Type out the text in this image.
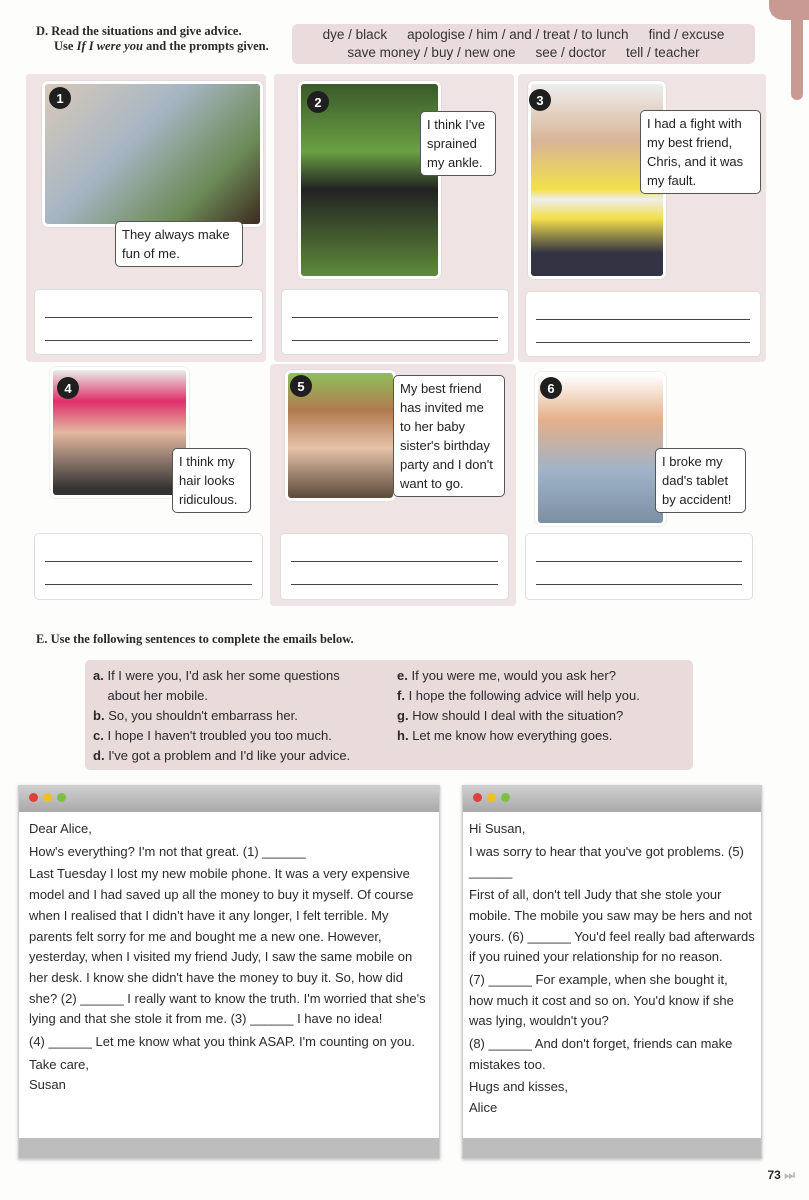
D. Read the situations and give advice.
Use If I were you and the prompts given.
dye / black apologise / him / and / treat / to lunch find / excuse
save money / buy / new one see / doctor tell / teacher
1	2	3
4	5	6
They always make fun of me.
I think I've sprained my ankle.
I had a fight with my best friend, Chris, and it was my fault.
I think my hair looks ridiculous.
My best friend has invited me to her baby sister's birthday party and I don't want to go.
I broke my dad's tablet by accident!
E. Use the following sentences to complete the emails below.
a. If I were you, I'd ask her some questions about her mobile.
b. So, you shouldn't embarrass her.
c. I hope I haven't troubled you too much.
d. I've got a problem and I'd like your advice.
e. If you were me, would you ask her?
f. I hope the following advice will help you.
g. How should I deal with the situation?
h. Let me know how everything goes.

Dear Alice,

How's everything? I'm not that great. (1) ______

Last Tuesday I lost my new mobile phone. It was a very expensive model and I had saved up all the money to buy it myself. Of course when I realised that I didn't have it any longer, I felt terrible. My parents felt sorry for me and bought me a new one. However, yesterday, when I visited my friend Judy, I saw the same mobile on her desk. I know she didn't have the money to buy it. So, how did she? (2) ______ I really want to know the truth. I'm worried that she's lying and that she stole it from me. (3) ______ I have no idea!

(4) ______ Let me know what you think ASAP. I'm counting on you.

Take care,

Susan

Hi Susan,

I was sorry to hear that you've got problems. (5) ______

First of all, don't tell Judy that she stole your mobile. The mobile you saw may be hers and not yours. (6) ______ You'd feel really bad afterwards if you ruined your relationship for no reason.

(7) ______ For example, when she bought it, how much it cost and so on. You'd know if she was lying, wouldn't you?

(8) ______ And don't forget, friends can make mistakes too.

Hugs and kisses,

Alice

73 ⏭
